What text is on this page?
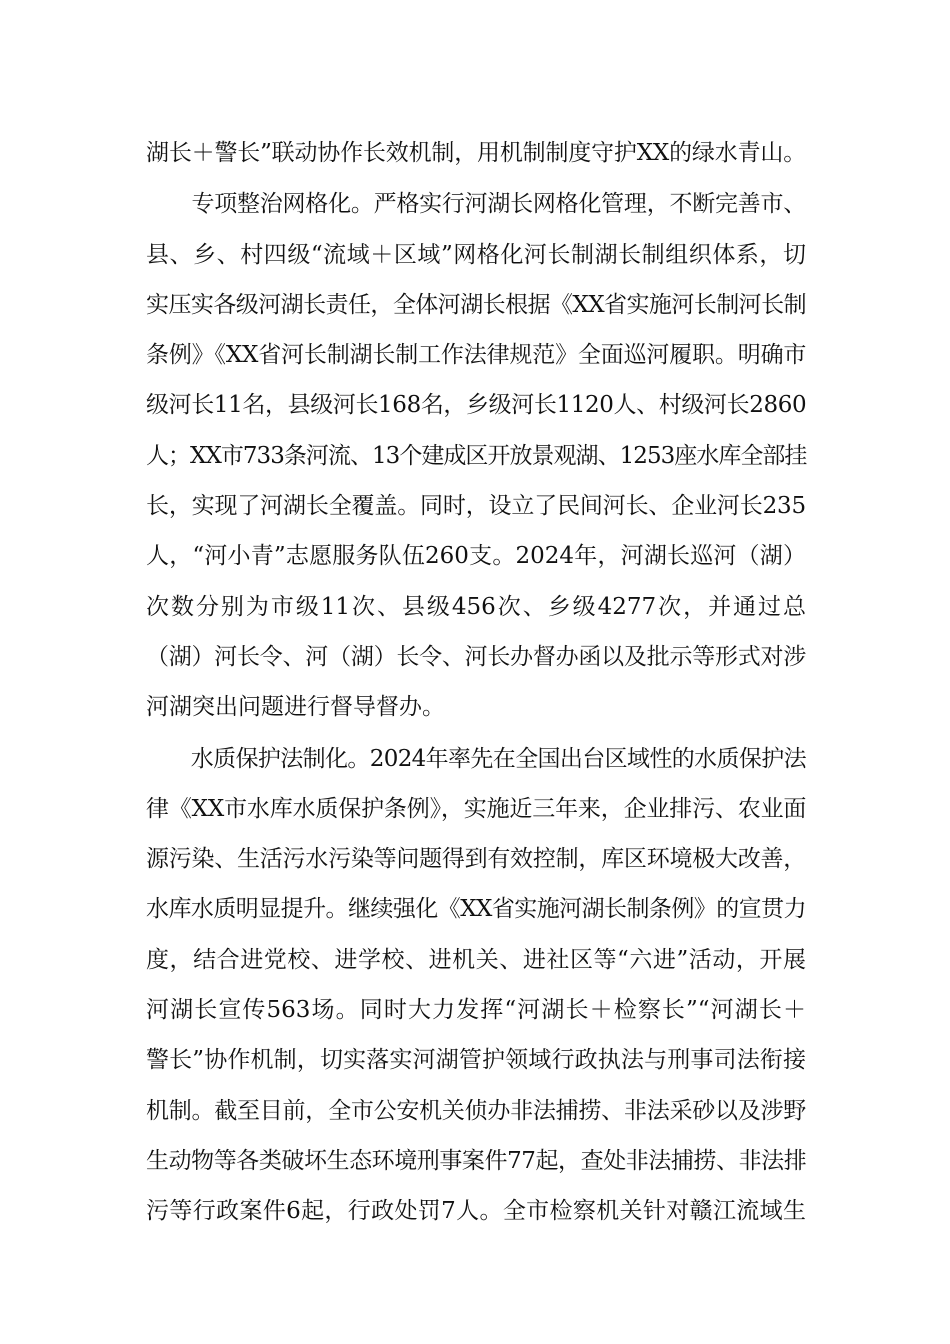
湖长＋警长”联动协作长效机制，用机制制度守护XX的绿水青山。
　　专项整治网格化。严格实行河湖长网格化管理，不断完善市、
县、乡、村四级“流域＋区域”网格化河长制湖长制组织体系，切
实压实各级河湖长责任，全体河湖长根据《XX省实施河长制河长制
条例》《XX省河长制湖长制工作法律规范》全面巡河履职。明确市
级河长11名，县级河长168名，乡级河长1120人、村级河长2860
人；XX市733条河流、13个建成区开放景观湖、1253座水库全部挂
长，实现了河湖长全覆盖。同时，设立了民间河长、企业河长235
人，“河小青”志愿服务队伍260支。2024年，河湖长巡河（湖）
次数分别为市级11次、县级456次、乡级4277次，并通过总
（湖）河长令、河（湖）长令、河长办督办函以及批示等形式对涉
河湖突出问题进行督导督办。
　　水质保护法制化。2024年率先在全国出台区域性的水质保护法
律《XX市水库水质保护条例》，实施近三年来，企业排污、农业面
源污染、生活污水污染等问题得到有效控制，库区环境极大改善，
水库水质明显提升。继续强化《XX省实施河湖长制条例》的宣贯力
度，结合进党校、进学校、进机关、进社区等“六进”活动，开展
河湖长宣传563场。同时大力发挥“河湖长＋检察长”“河湖长＋
警长”协作机制，切实落实河湖管护领域行政执法与刑事司法衔接
机制。截至目前，全市公安机关侦办非法捕捞、非法采砂以及涉野
生动物等各类破坏生态环境刑事案件77起，查处非法捕捞、非法排
污等行政案件6起，行政处罚7人。全市检察机关针对赣江流域生
